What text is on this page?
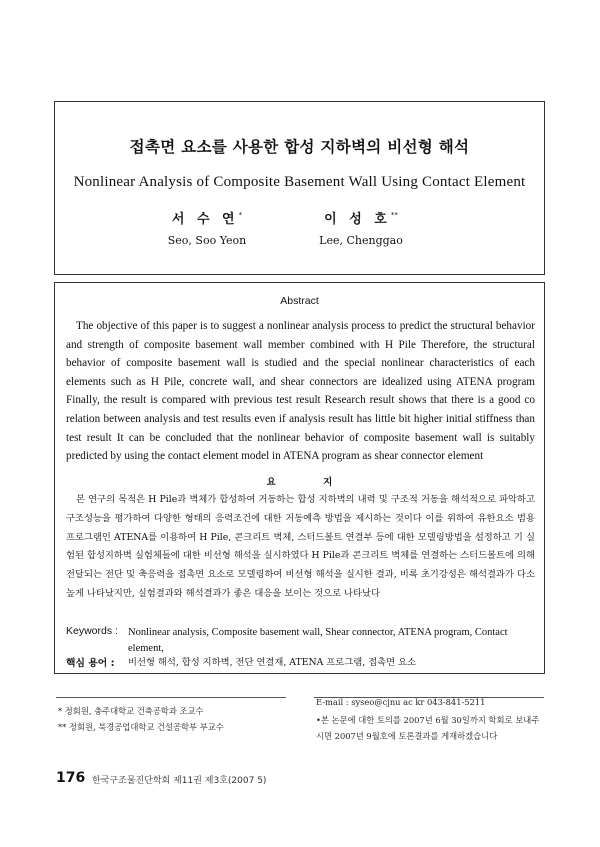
접촉면 요소를 사용한 합성 지하벽의 비선형 해석
Nonlinear Analysis of Composite Basement Wall Using Contact Element
서 수 연*
Seo, Soo Yeon
이 성 호**
Lee, Chenggao
Abstract
The objective of this paper is to suggest a nonlinear analysis process to predict the structural behavior and strength of composite basement wall member combined with H Pile Therefore, the structural behavior of composite basement wall is studied and the special nonlinear characteristics of each elements such as H Pile, concrete wall, and shear connectors are idealized using ATENA program Finally, the result is compared with previous test result Research result shows that there is a good co relation between analysis and test results even if analysis result has little bit higher initial stiffness than test result It can be concluded that the nonlinear behavior of composite basement wall is suitably predicted by using the contact element model in ATENA program as shear connector element
요 지
본 연구의 목적은 H Pile과 벽체가 합성하여 거동하는 합성 지하벽의 내력 및 구조적 거동을 해석적으로 파악하고 구조성능을 평가하여 다양한 형태의 응력조건에 대한 거동예측 방법을 제시하는 것이다 이를 위하여 유한요소 범용 프로그램인 ATENA를 이용하여 H Pile, 콘크리트 벽체, 스터드볼트 연결부 등에 대한 모델링방법을 설정하고 기 실험된 합성지하벽 실험체들에 대한 비선형 해석을 실시하였다 H Pile과 콘크리트 벽체를 연결하는 스터드볼트에 의해 전달되는 전단 및 축응력을 접촉면 요소로 모델링하여 비선형 해석을 실시한 결과, 비록 초기강성은 해석결과가 다소 높게 나타났지만, 실험결과와 해석결과가 좋은 대응을 보이는 것으로 나타났다
Keywords : Nonlinear analysis, Composite basement wall, Shear connector, ATENA program, Contact element,
핵심 용어 : 비선형 해석, 합성 지하벽, 전단 연결재, ATENA 프로그램, 접촉면 요소
* 정회원, 충주대학교 건축공학과 조교수
** 정회원, 북경공업대학교 건설공학부 부교수
E-mail : syseo@cjnu ac kr 043-841-5211
•본 논문에 대한 토의를 2007년 6월 30일까지 학회로 보내주시면 2007년 9월호에 토론결과를 게재하겠습니다
176 한국구조물진단학회 제11권 제3호(2007 5)
